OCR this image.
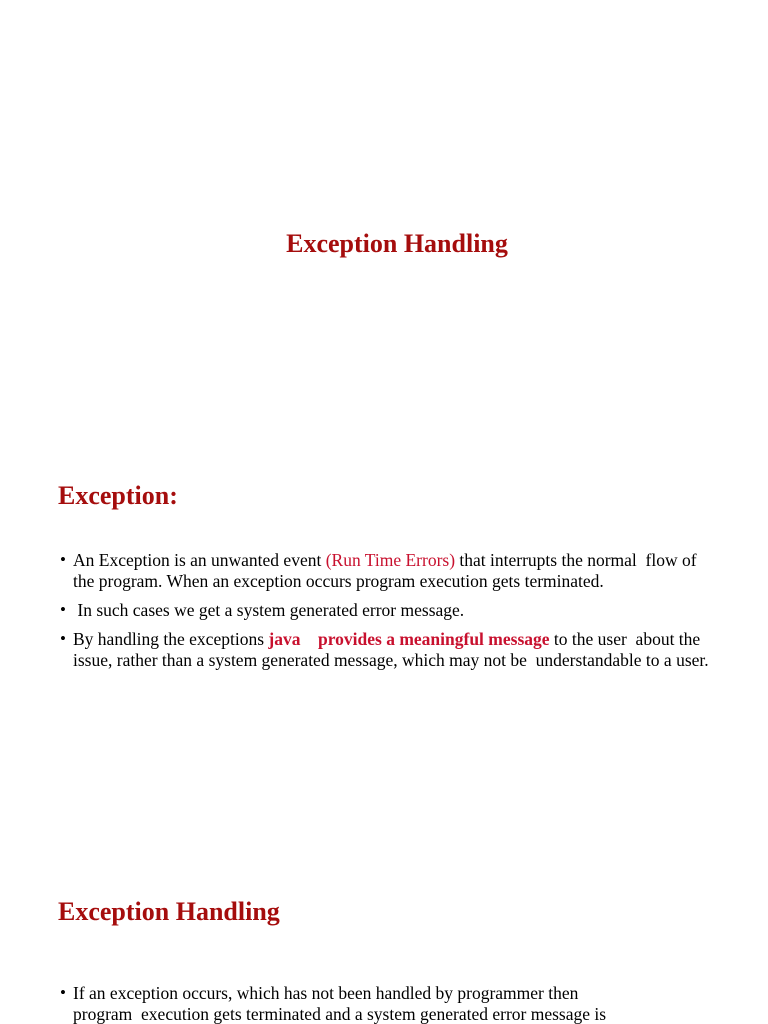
Exception Handling
Exception:
• An Exception is an unwanted event (Run Time Errors) that interrupts the normal  flow of the program. When an exception occurs program execution gets terminated.
• In such cases we get a system generated error message.
• By handling the exceptions java    provides a meaningful message to the user  about the issue, rather than a system generated message, which may not be  understandable to a user.
Exception Handling
• If an exception occurs, which has not been handled by programmer then program  execution gets terminated and a system generated error message is
